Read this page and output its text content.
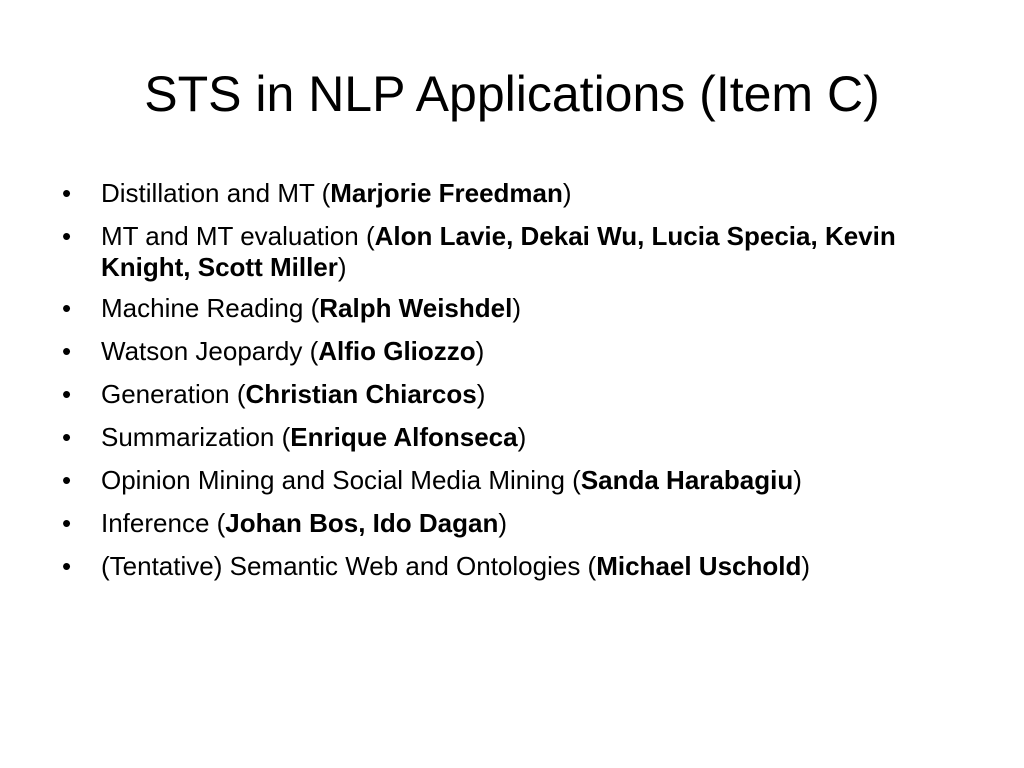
STS in NLP Applications (Item C)
• Distillation and MT (Marjorie Freedman)
• MT and MT evaluation (Alon Lavie, Dekai Wu, Lucia Specia, Kevin Knight, Scott Miller)
• Machine Reading (Ralph Weishdel)
• Watson Jeopardy (Alfio Gliozzo)
• Generation (Christian Chiarcos)
• Summarization (Enrique Alfonseca)
• Opinion Mining and Social Media Mining (Sanda Harabagiu)
• Inference (Johan Bos, Ido Dagan)
• (Tentative) Semantic Web and Ontologies (Michael Uschold)
